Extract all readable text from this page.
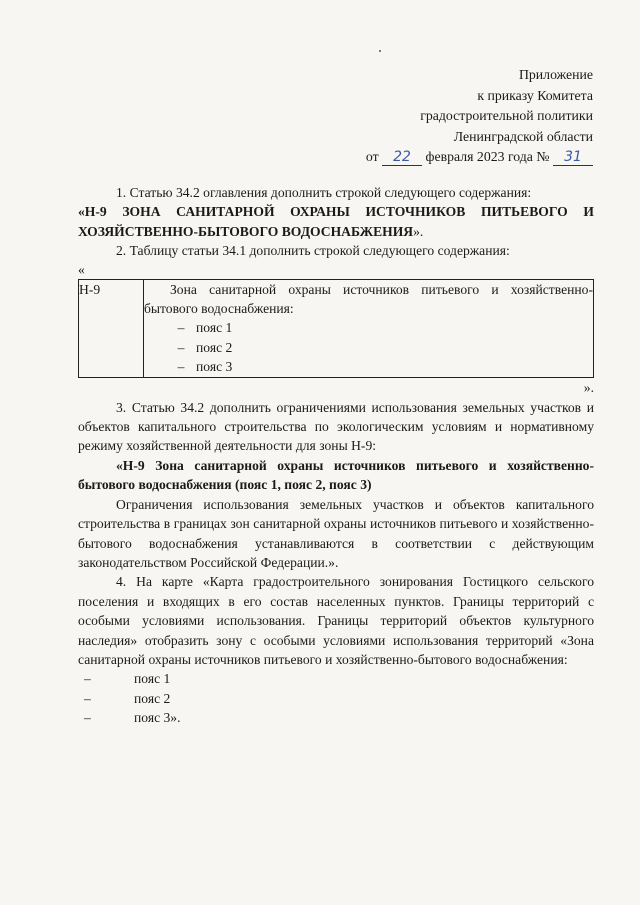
Приложение
к приказу Комитета
градостроительной политики
Ленинградской области
от 22 февраля 2023 года № 31

1. Статью 34.2 оглавления дополнить строкой следующего содержания:

«Н-9 ЗОНА САНИТАРНОЙ ОХРАНЫ ИСТОЧНИКОВ ПИТЬЕВОГО И ХОЗЯЙСТВЕННО-БЫТОВОГО ВОДОСНАБЖЕНИЯ».

2. Таблицу статьи 34.1 дополнить строкой следующего содержания:

«
Н-9	Зона санитарной охраны источников питьевого и хозяйственно-бытового водоснабжения:
– пояс 1
– пояс 2
– пояс 3
».

3. Статью 34.2 дополнить ограничениями использования земельных участков и объектов капитального строительства по экологическим условиям и нормативному режиму хозяйственной деятельности для зоны Н-9:

«Н-9 Зона санитарной охраны источников питьевого и хозяйственно-бытового водоснабжения (пояс 1, пояс 2, пояс 3)

Ограничения использования земельных участков и объектов капитального строительства в границах зон санитарной охраны источников питьевого и хозяйственно-бытового водоснабжения устанавливаются в соответствии с действующим законодательством Российской Федерации.».

4. На карте «Карта градостроительного зонирования Гостицкого сельского поселения и входящих в его состав населенных пунктов. Границы территорий с особыми условиями использования. Границы территорий объектов культурного наследия» отобразить зону с особыми условиями использования территорий «Зона санитарной охраны источников питьевого и хозяйственно-бытового водоснабжения:

–	пояс 1
–	пояс 2
–	пояс 3».
